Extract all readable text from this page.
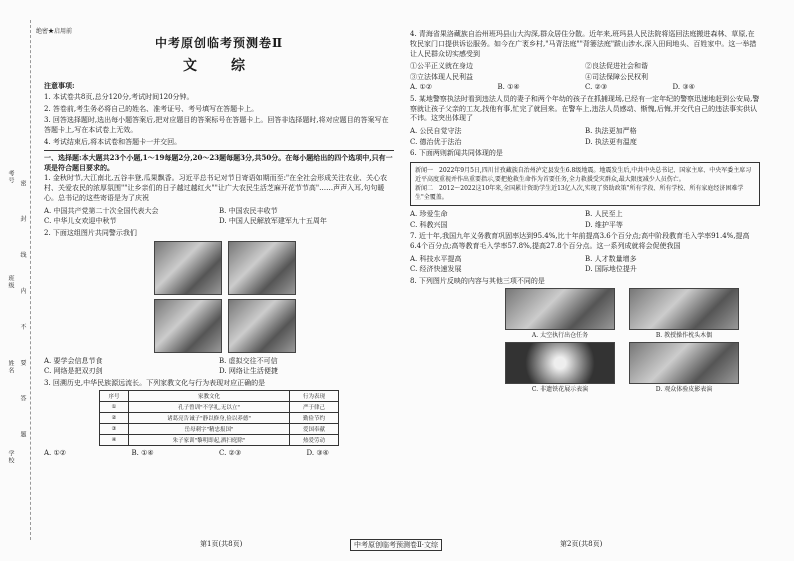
考号
班级
姓名
学校
密 封 线 内 不 要 答 题
绝密★启用前
中考原创临考预测卷Ⅱ
文　综
注意事项:
1. 本试卷共8页,总分120分,考试时间120分钟。
2. 答卷前,考生务必将自己的姓名、准考证号、考号填写在答题卡上。
3. 回答选择题时,选出每小题答案后,把对应题目的答案标号在答题卡上。回答非选择题时,将对应题目的答案写在答题卡上,写在本试卷上无效。
4. 考试结束后,将本试卷和答题卡一并交回。
一、选择题:本大题共23个小题,1～19每题2分,20～23题每题3分,共50分。在每小题给出的四个选项中,只有一项是符合题目要求的。
1. 金秋时节,大江南北,五谷丰登,瓜果飘香。习近平总书记对节日寄语如期而至:"在全社会形成关注农业、关心农村、关爱农民的浓厚氛围""让乡亲们的日子越过越红火""让广大农民生活芝麻开花节节高"……声声入耳,句句暖心。总书记的这些寄语是为了庆祝
A. 中国共产党第二十次全国代表大会	B. 中国农民丰收节
C. 中华儿女欢迎中秋节	D. 中国人民解放军建军九十五周年
2. 下面这组图片共同警示我们
A. 要学会信息节食	B. 虚拟交往不可信
C. 网络是把双刃剑	D. 网络让生活便捷
3. 回溯历史,中华民族源远流长。下列家教文化与行为表现对应正确的是
序号	家教文化	行为表现
①	孔子曾训"不学礼,无以立"	严于律己
②	诸葛亮告诫子"静以修身,俭以养德"	勤俭节约
③	岳母刺字"精忠报国"	爱国奉献
④	朱子家训"黎明即起,洒扫庭除"	热爱劳动
A. ①②	B. ①④	C. ②③	D. ③④
4. 青海省果洛藏族自治州班玛县山大沟深,群众居住分散。近年来,班玛县人民法院将巡回法庭搬进森林、草原,在牧民家门口提供诉讼服务。如今在广袤乡村,"马背法庭""背篓法庭"跋山涉水,深入田间地头、百姓家中。这一举措让人民群众切实感受到
①公平正义就在身边	②良法促进社会和谐
③立法体现人民利益	④司法保障公民权利
A. ①②	B. ①④	C. ②③	D. ③④
5. 某地警察执法时看到违法人员的妻子和两个年幼的孩子在抓捕现场,已经有一定年纪的警察迅速地赶到公安局,警察就让孩子父亲的工友,找他有事,忙完了就回来。在警车上,违法人员感动、惭愧,后悔,并交代自己的违法事实供认不讳。这突出体现了
A. 公民自觉守法	B. 执法更加严格
C. 德治优于法治	D. 执法更有温度
6. 下面两则新闻共同体现的是
新闻一　2022年9月5日,四川甘孜藏族自治州泸定县发生6.8级地震。地震发生后,中共中央总书记、国家主席、中央军委主席习近平高度重视并作出重要指示,要把抢救生命作为首要任务,全力救援受灾群众,最大限度减少人员伤亡。
新闻二　2012～2022这10年来,全国累计资助学生近13亿人次,实现了资助政策"所有学段、所有学校、所有家庭经济困难学生"全覆盖。
A. 珍爱生命	B. 人民至上
C. 科教兴国	D. 维护平等
7. 近十年,我国九年义务教育巩固率达到95.4%,比十年前提高3.6个百分点;高中阶段教育毛入学率91.4%,提高6.4个百分点;高等教育毛入学率57.8%,提高27.8个百分点。这一系列成就将会促使我国
A. 科技水平提高	B. 人才数量增多
C. 经济快速发展	D. 国际地位提升
8. 下列图片反映的内容与其他三项不同的是
A. 太空执行出仓任务	B. 教授操作枕头木偶
C. 非遗铁花展示表演	D. 观众体验皮影表演
第1页(共8页)	中考原创临考预测卷Ⅱ·文综	第2页(共8页)
